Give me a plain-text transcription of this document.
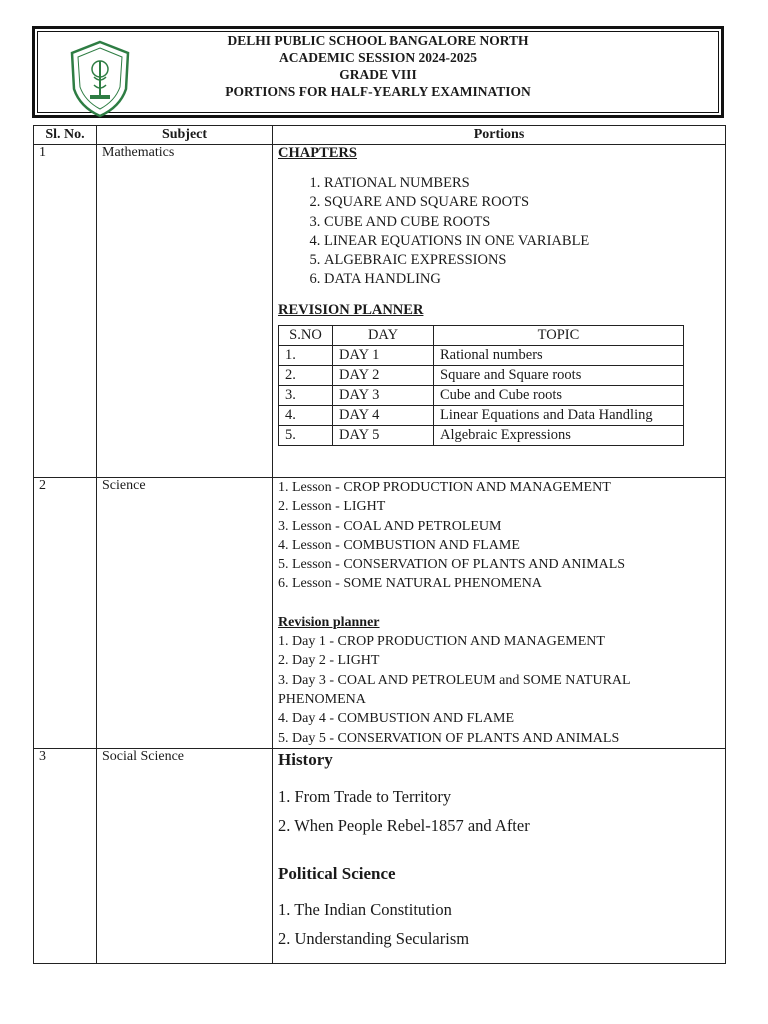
DELHI PUBLIC SCHOOL BANGALORE NORTH
ACADEMIC SESSION 2024-2025
GRADE VIII
PORTIONS FOR HALF-YEARLY EXAMINATION
Sl. No.	Subject	Portions
1	Mathematics	CHAPTERS
1. RATIONAL NUMBERS
2. SQUARE AND SQUARE ROOTS
3. CUBE AND CUBE ROOTS
4. LINEAR EQUATIONS IN ONE VARIABLE
5. ALGEBRAIC EXPRESSIONS
6. DATA HANDLING
REVISION PLANNER
S.NO	DAY	TOPIC
1.	DAY 1	Rational numbers
2.	DAY 2	Square and Square roots
3.	DAY 3	Cube and Cube roots
4.	DAY 4	Linear Equations and Data Handling
5.	DAY 5	Algebraic Expressions

2	Science	1. Lesson - CROP PRODUCTION AND MANAGEMENT
2. Lesson - LIGHT
3. Lesson - COAL AND PETROLEUM
4. Lesson - COMBUSTION AND FLAME
5. Lesson - CONSERVATION OF PLANTS AND ANIMALS
6. Lesson - SOME NATURAL PHENOMENA
Revision planner
1. Day 1 - CROP PRODUCTION AND MANAGEMENT
2. Day 2 - LIGHT
3. Day 3 - COAL AND PETROLEUM and SOME NATURAL PHENOMENA
4. Day 4 - COMBUSTION AND FLAME
5. Day 5 - CONSERVATION OF PLANTS AND ANIMALS

3	Social Science	History
1. From Trade to Territory
2. When People Rebel-1857 and After
Political Science
1. The Indian Constitution
2. Understanding Secularism
